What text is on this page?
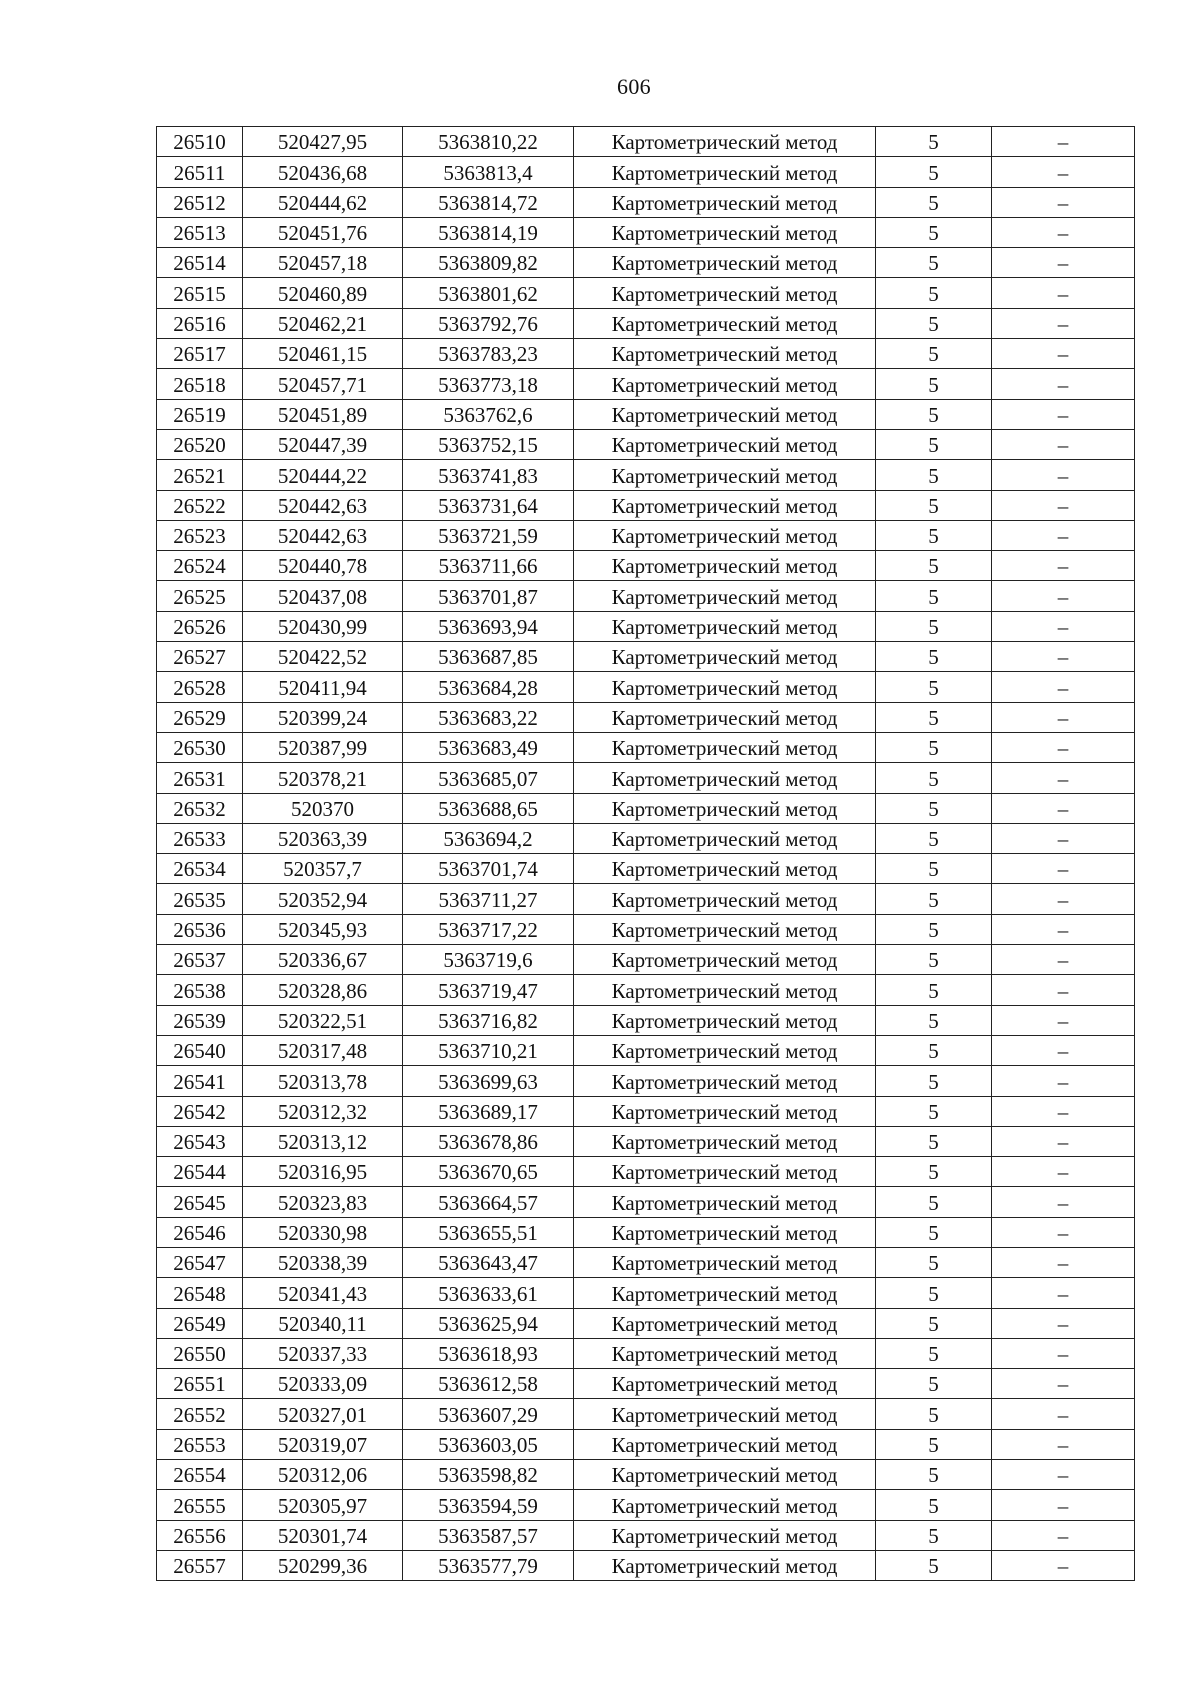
606
26510	520427,95	5363810,22	Картометрический метод	5	–
26511	520436,68	5363813,4	Картометрический метод	5	–
26512	520444,62	5363814,72	Картометрический метод	5	–
26513	520451,76	5363814,19	Картометрический метод	5	–
26514	520457,18	5363809,82	Картометрический метод	5	–
26515	520460,89	5363801,62	Картометрический метод	5	–
26516	520462,21	5363792,76	Картометрический метод	5	–
26517	520461,15	5363783,23	Картометрический метод	5	–
26518	520457,71	5363773,18	Картометрический метод	5	–
26519	520451,89	5363762,6	Картометрический метод	5	–
26520	520447,39	5363752,15	Картометрический метод	5	–
26521	520444,22	5363741,83	Картометрический метод	5	–
26522	520442,63	5363731,64	Картометрический метод	5	–
26523	520442,63	5363721,59	Картометрический метод	5	–
26524	520440,78	5363711,66	Картометрический метод	5	–
26525	520437,08	5363701,87	Картометрический метод	5	–
26526	520430,99	5363693,94	Картометрический метод	5	–
26527	520422,52	5363687,85	Картометрический метод	5	–
26528	520411,94	5363684,28	Картометрический метод	5	–
26529	520399,24	5363683,22	Картометрический метод	5	–
26530	520387,99	5363683,49	Картометрический метод	5	–
26531	520378,21	5363685,07	Картометрический метод	5	–
26532	520370	5363688,65	Картометрический метод	5	–
26533	520363,39	5363694,2	Картометрический метод	5	–
26534	520357,7	5363701,74	Картометрический метод	5	–
26535	520352,94	5363711,27	Картометрический метод	5	–
26536	520345,93	5363717,22	Картометрический метод	5	–
26537	520336,67	5363719,6	Картометрический метод	5	–
26538	520328,86	5363719,47	Картометрический метод	5	–
26539	520322,51	5363716,82	Картометрический метод	5	–
26540	520317,48	5363710,21	Картометрический метод	5	–
26541	520313,78	5363699,63	Картометрический метод	5	–
26542	520312,32	5363689,17	Картометрический метод	5	–
26543	520313,12	5363678,86	Картометрический метод	5	–
26544	520316,95	5363670,65	Картометрический метод	5	–
26545	520323,83	5363664,57	Картометрический метод	5	–
26546	520330,98	5363655,51	Картометрический метод	5	–
26547	520338,39	5363643,47	Картометрический метод	5	–
26548	520341,43	5363633,61	Картометрический метод	5	–
26549	520340,11	5363625,94	Картометрический метод	5	–
26550	520337,33	5363618,93	Картометрический метод	5	–
26551	520333,09	5363612,58	Картометрический метод	5	–
26552	520327,01	5363607,29	Картометрический метод	5	–
26553	520319,07	5363603,05	Картометрический метод	5	–
26554	520312,06	5363598,82	Картометрический метод	5	–
26555	520305,97	5363594,59	Картометрический метод	5	–
26556	520301,74	5363587,57	Картометрический метод	5	–
26557	520299,36	5363577,79	Картометрический метод	5	–
